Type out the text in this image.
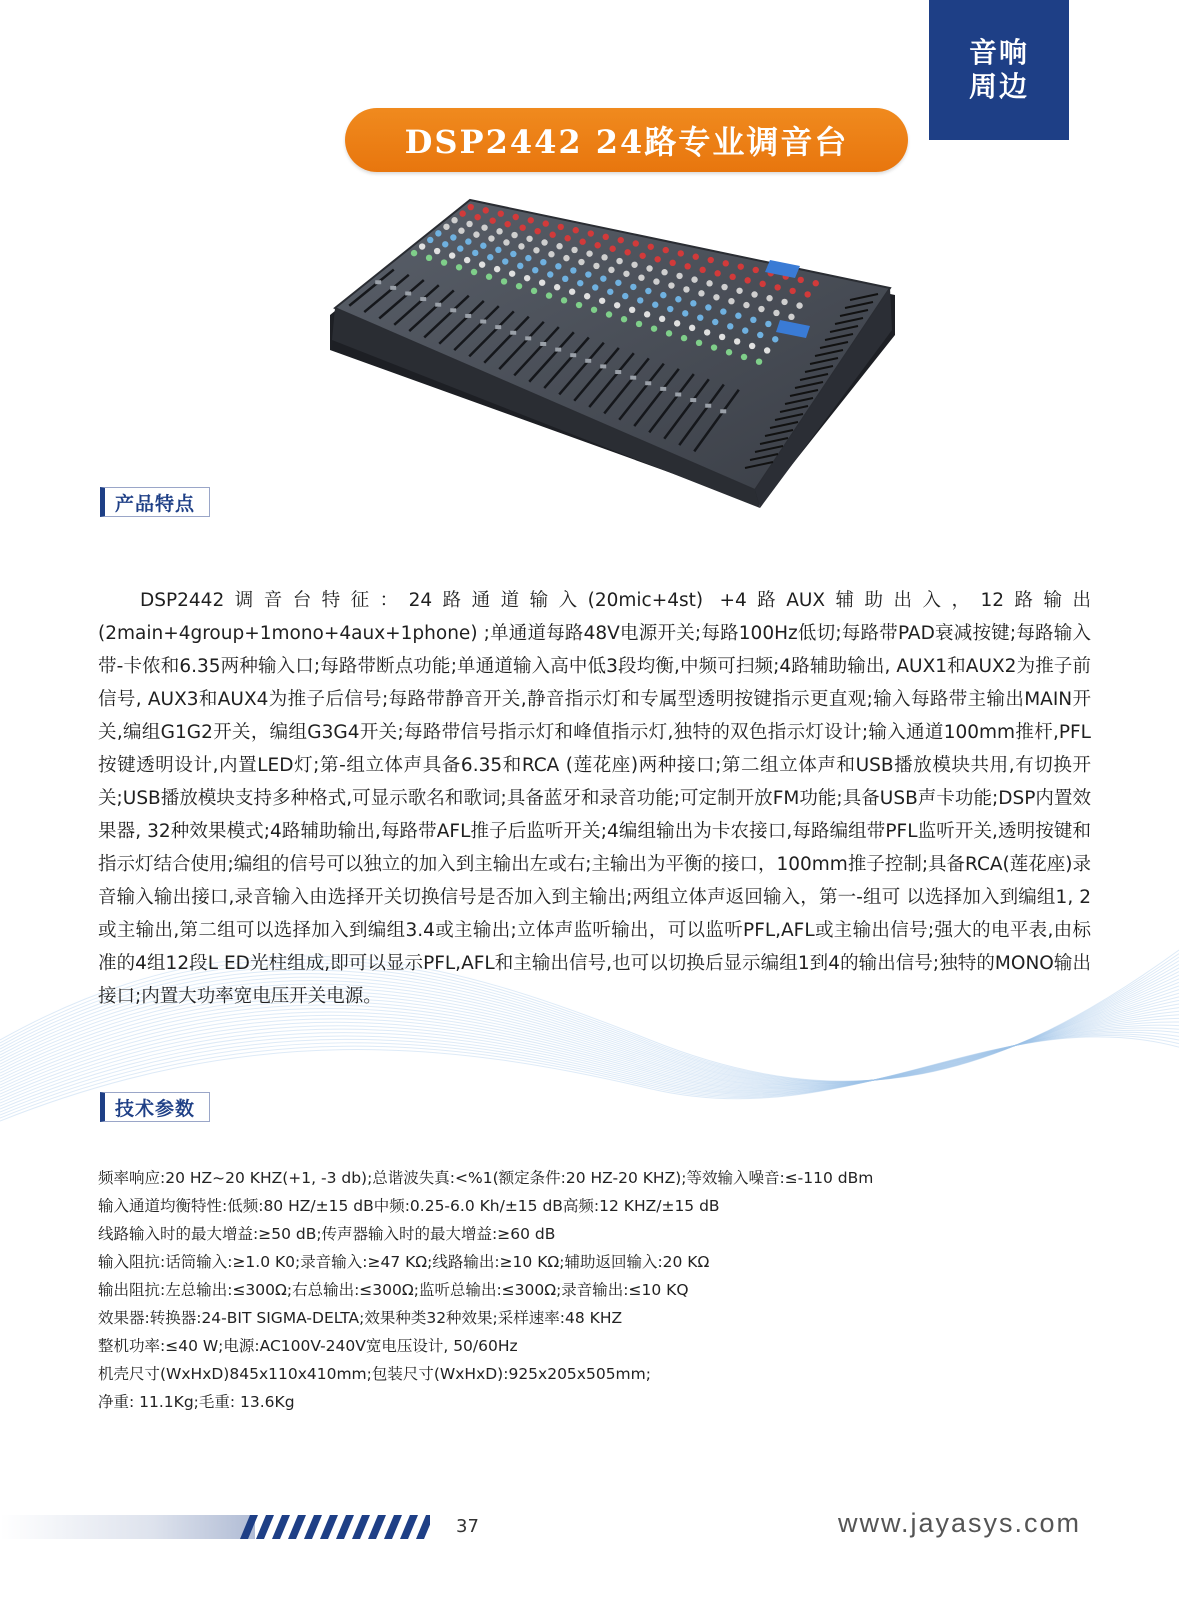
音响
周边
DSP2442 24路专业调音台
产品特点

DSP2442调音台特征：24路通道输入(20mic+4st) +4路AUX辅助出入，12路输出(2main+4group+1mono+4aux+1phone) ;单通道每路48V电源开关;每路100Hz低切;每路带PAD衰减按键;每路输入带-卡侬和6.35两种输入口;每路带断点功能;单通道输入高中低3段均衡,中频可扫频;4路辅助输出, AUX1和AUX2为推子前信号, AUX3和AUX4为推子后信号;每路带静音开关,静音指示灯和专属型透明按键指示更直观;输入每路带主输出MAIN开关,编组G1G2开关，编组G3G4开关;每路带信号指示灯和峰值指示灯,独特的双色指示灯设计;输入通道100mm推杆,PFL按键透明设计,内置LED灯;第-组立体声具备6.35和RCA (莲花座)两种接口;第二组立体声和USB播放模块共用,有切换开关;USB播放模块支持多种格式,可显示歌名和歌词;具备蓝牙和录音功能;可定制开放FM功能;具备USB声卡功能;DSP内置效果器, 32种效果模式;4路辅助输出,每路带AFL推子后监听开关;4编组输出为卡农接口,每路编组带PFL监听开关,透明按键和指示灯结合使用;编组的信号可以独立的加入到主输出左或右;主输出为平衡的接口，100mm推子控制;具备RCA(莲花座)录音输入输出接口,录音输入由选择开关切换信号是否加入到主输出;两组立体声返回输入，第一-组可 以选择加入到编组1, 2或主输出,第二组可以选择加入到编组3.4或主输出;立体声监听输出，可以监听PFL,AFL或主输出信号;强大的电平表,由标准的4组12段L ED光柱组成,即可以显示PFL,AFL和主输出信号,也可以切换后显示编组1到4的输出信号;独特的MONO输出接口;内置大功率宽电压开关电源。

技术参数
频率响应:20 HZ~20 KHZ(+1, -3 db);总谐波失真:<%1(额定条件:20 HZ-20 KHZ);等效输入噪音:≤-110 dBm
输入通道均衡特性:低频:80 HZ/±15 dB中频:0.25-6.0 Kh/±15 dB高频:12 KHZ/±15 dB
线路输入时的最大增益:≥50 dB;传声器输入时的最大增益:≥60 dB
输入阻抗:话筒输入:≥1.0 K0;录音输入:≥47 KΩ;线路输出:≥10 KΩ;辅助返回输入:20 KΩ
输出阻抗:左总输出:≤300Ω;右总输出:≤300Ω;监听总输出:≤300Ω;录音输出:≤10 KQ
效果器:转换器:24-BIT SIGMA-DELTA;效果种类32种效果;采样速率:48 KHZ
整机功率:≤40 W;电源:AC100V-240V宽电压设计, 50/60Hz
机壳尺寸(WxHxD)845x110x410mm;包装尺寸(WxHxD):925x205x505mm;
净重: 11.1Kg;毛重: 13.6Kg
37	www.jayasys.com
